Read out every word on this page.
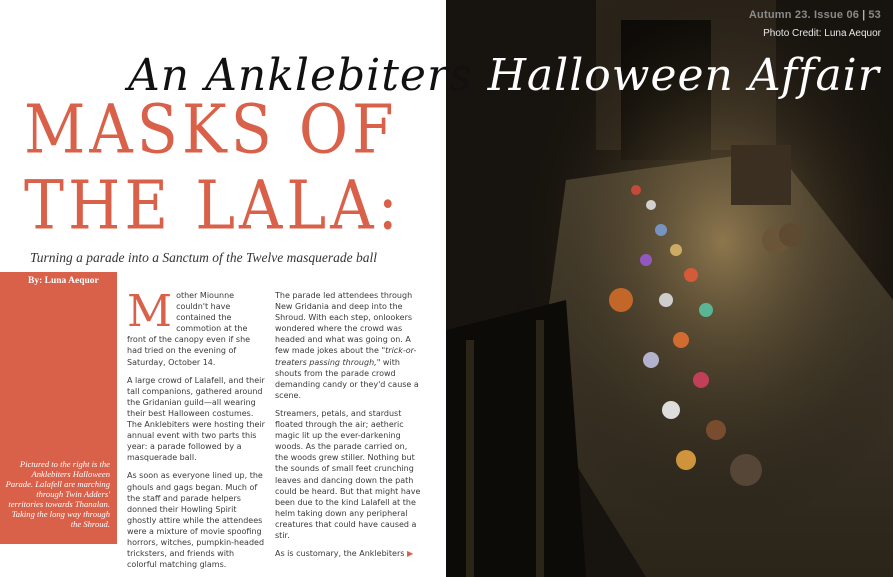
Autumn 23. Issue 06 | 53
Photo Credit: Luna Aequor
An Anklebiters Halloween Affair
MASKS OF
THE LALA:
Turning a parade into a Sanctum of the Twelve masquerade ball
By: Luna Aequor
Pictured to the right is the Anklebiters Halloween Parade. Lalafell are marching through Twin Adders' territories towards Thanalan. Taking the long way through the Shroud.

Mother Miounne couldn't have contained the commotion at the front of the canopy even if she had tried on the evening of Saturday, October 14.

A large crowd of Lalafell, and their tall companions, gathered around the Gridanian guild—all wearing their best Halloween costumes. The Anklebiters were hosting their annual event with two parts this year: a parade followed by a masquerade ball.

As soon as everyone lined up, the ghouls and gags began. Much of the staff and parade helpers donned their Howling Spirit ghostly attire while the attendees were a mixture of movie spoofing horrors, witches, pumpkin-headed tricksters, and friends with colorful matching glams.

The parade led attendees through New Gridania and deep into the Shroud. With each step, onlookers wondered where the crowd was headed and what was going on. A few made jokes about the "trick-or-treaters passing through," with shouts from the parade crowd demanding candy or they'd cause a scene.

Streamers, petals, and stardust floated through the air; aetheric magic lit up the ever-darkening woods. As the parade carried on, the woods grew stiller. Nothing but the sounds of small feet crunching leaves and dancing down the path could be heard. But that might have been due to the kind Lalafell at the helm taking down any peripheral creatures that could have caused a stir.

As is customary, the Anklebiters ▶
